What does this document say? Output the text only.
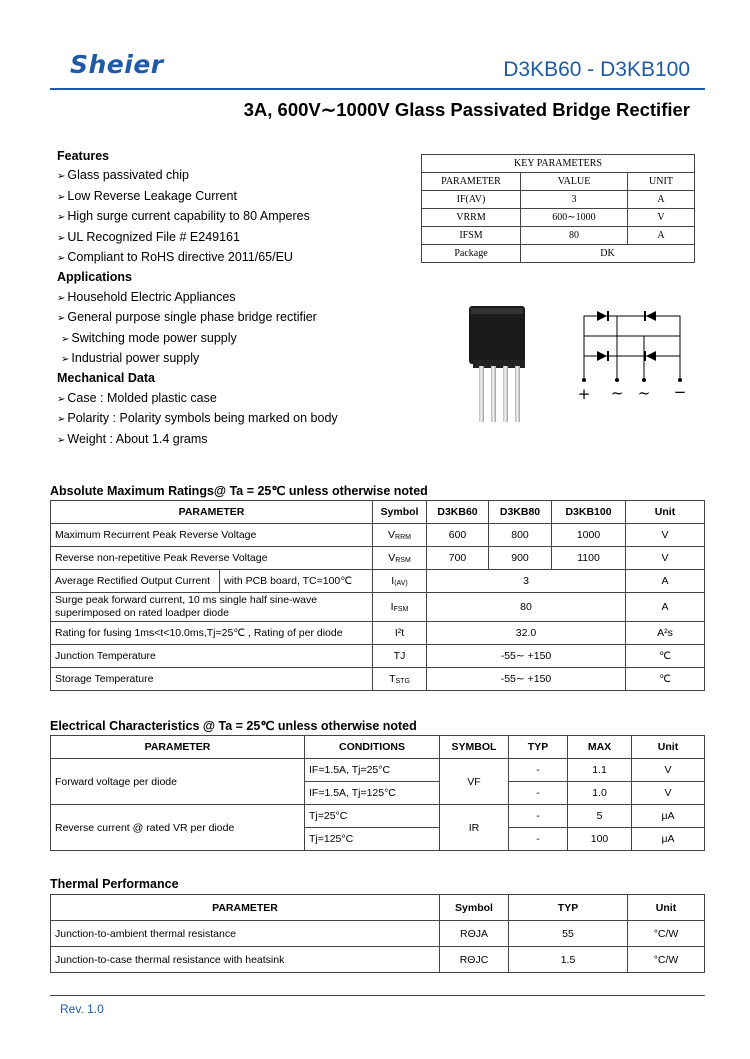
Sheier	D3KB60 - D3KB100
3A, 600V∼1000V Glass Passivated Bridge Rectifier
Features
➢ Glass passivated chip
➢ Low Reverse Leakage Current
➢ High surge current capability to 80 Amperes
➢ UL Recognized File # E249161
➢ Compliant to RoHS directive 2011/65/EU
Applications
➢ Household Electric Appliances
➢ General purpose single phase bridge rectifier
➢ Switching mode power supply
➢ Industrial power supply
Mechanical Data
➢ Case : Molded plastic case
➢ Polarity : Polarity symbols being marked on body
➢ Weight : About 1.4 grams
KEY PARAMETERS		
PARAMETER	VALUE	UNIT
IF(AV)	3	A
VRRM	600∼1000	V
IFSM	80	A
Package	DK	
+ ~ ~ −
Absolute Maximum Ratings@ Ta = 25℃ unless otherwise noted
PARAMETER		Symbol	D3KB60	D3KB80	D3KB100	Unit
Maximum Recurrent Peak Reverse Voltage		$V_{RRM}$	600	800	1000	V
Reverse non-repetitive Peak Reverse Voltage		$V_{RSM}$	700	900	1100	V
Average Rectified Output Current	with PCB board, TC=100℃	$I_{(AV)}$	3			A
Surge peak forward current, 10 ms single half sine-wave superimposed on rated loadper diode		$I_{FSM}$	80			A
Rating for fusing 1ms<t<10.0ms,Tj=25℃ , Rating of per diode		I²t	32.0			A²s
Junction Temperature		TJ	-55∼ +150			℃
Storage Temperature		$T_{STG}$	-55∼ +150			℃
Electrical Characteristics @ Ta = 25℃ unless otherwise noted
PARAMETER	CONDITIONS	SYMBOL	TYP	MAX	Unit
Forward voltage per diode	IF=1.5A, Tj=25°C	VF	-	1.1	V
	IF=1.5A, Tj=125°C		-	1.0	V
Reverse current @ rated VR per diode	Tj=25°C	IR	-	5	μA
	Tj=125°C		-	100	μA
Thermal Performance
PARAMETER	Symbol	TYP	Unit
Junction-to-ambient thermal resistance	RΘJA	55	°C/W
Junction-to-case thermal resistance with heatsink	RΘJC	1.5	°C/W
Rev. 1.0
